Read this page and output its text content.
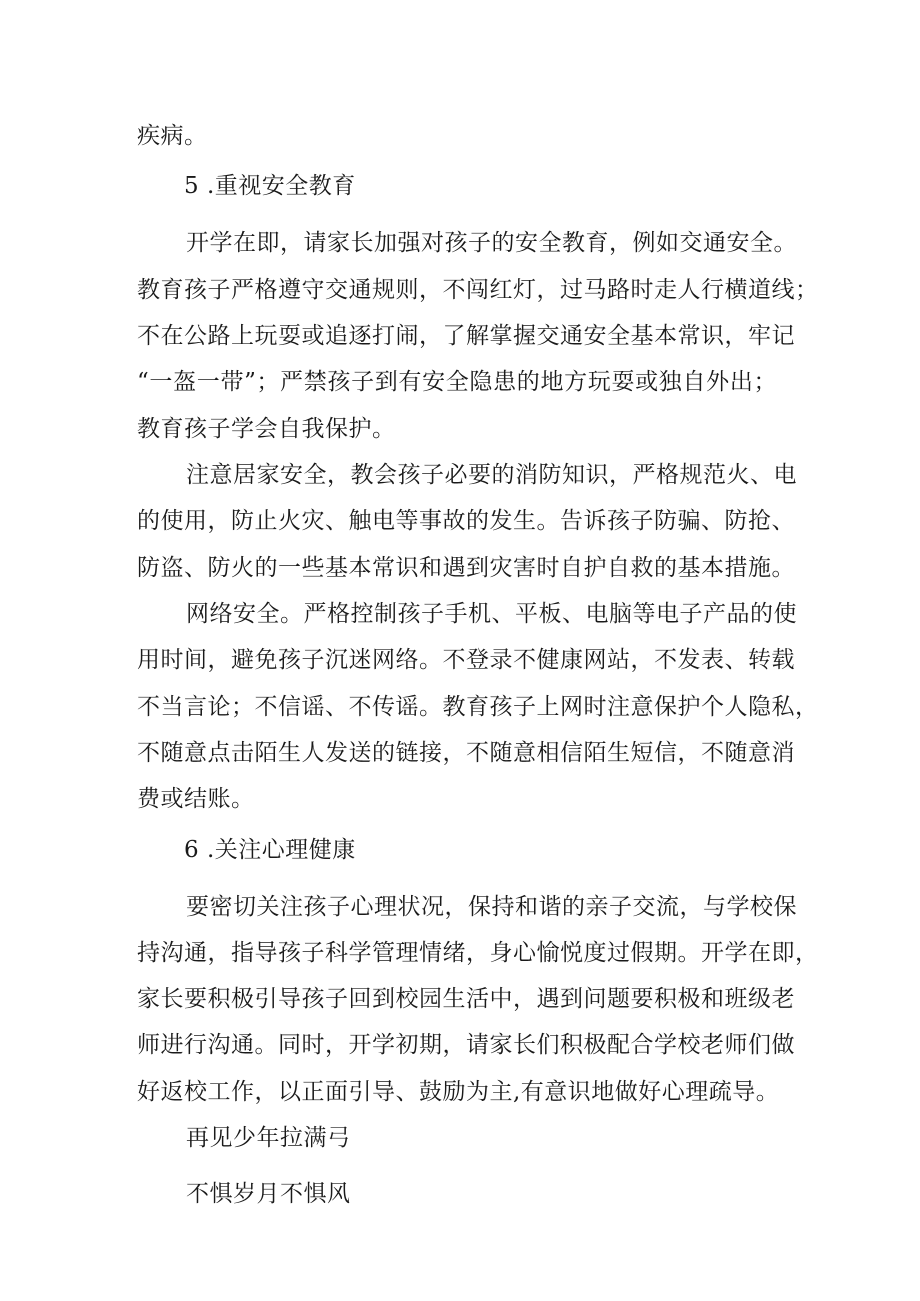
疾病。

5 .重视安全教育

开学在即，请家长加强对孩子的安全教育，例如交通安全。

教育孩子严格遵守交通规则，不闯红灯，过马路时走人行横道线；

不在公路上玩耍或追逐打闹，了解掌握交通安全基本常识，牢记

“一盔一带”；严禁孩子到有安全隐患的地方玩耍或独自外出；

教育孩子学会自我保护。

注意居家安全，教会孩子必要的消防知识，严格规范火、电

的使用，防止火灾、触电等事故的发生。告诉孩子防骗、防抢、

防盗、防火的一些基本常识和遇到灾害时自护自救的基本措施。

网络安全。严格控制孩子手机、平板、电脑等电子产品的使

用时间，避免孩子沉迷网络。不登录不健康网站，不发表、转载

不当言论；不信谣、不传谣。教育孩子上网时注意保护个人隐私，

不随意点击陌生人发送的链接，不随意相信陌生短信，不随意消

费或结账。

6 .关注心理健康

要密切关注孩子心理状况，保持和谐的亲子交流，与学校保

持沟通，指导孩子科学管理情绪，身心愉悦度过假期。开学在即，

家长要积极引导孩子回到校园生活中，遇到问题要积极和班级老

师进行沟通。同时，开学初期，请家长们积极配合学校老师们做

好返校工作，以正面引导、鼓励为主,有意识地做好心理疏导。

再见少年拉满弓

不惧岁月不惧风
